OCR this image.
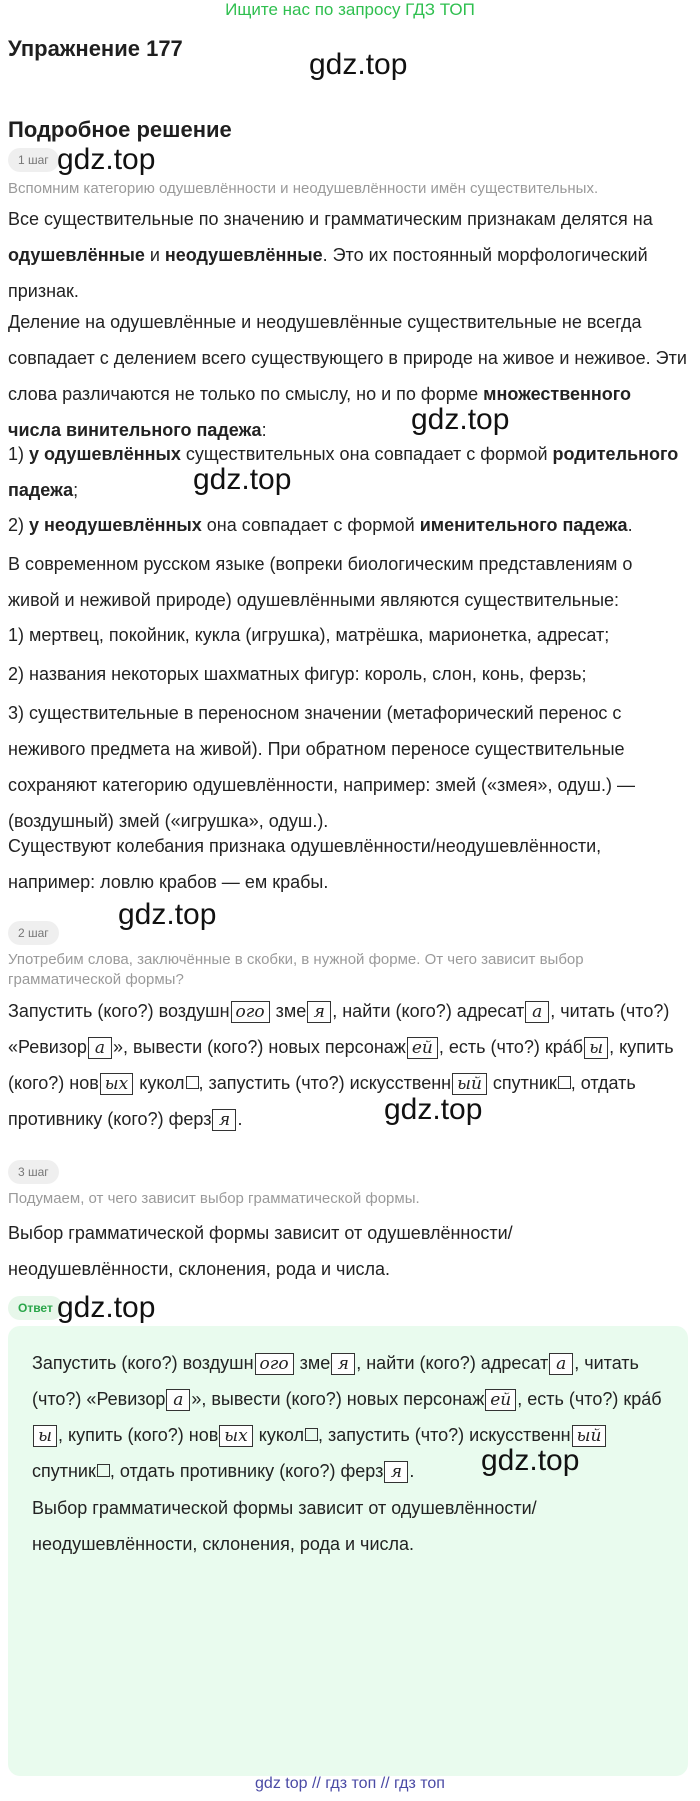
Ищите нас по запросу ГДЗ ТОП
Упражнение 177	gdz.top
Подробное решение
1 шаг gdz.top
Вспомним категорию одушевлённости и неодушевлённости имён существительных.
Все существительные по значению и грамматическим признакам делятся на одушевлённые и неодушевлённые. Это их постоянный морфологический признак.
Деление на одушевлённые и неодушевлённые существительные не всегда совпадает с делением всего существующего в природе на живое и неживое. Эти слова различаются не только по смыслу, но и по форме множественного числа винительного падежа:	gdz.top
1) у одушевлённых существительных она совпадает с формой родительного падежа;	gdz.top
2) у неодушевлённых она совпадает с формой именительного падежа.
В современном русском языке (вопреки биологическим представлениям о живой и неживой природе) одушевлёнными являются существительные:
1) мертвец, покойник, кукла (игрушка), матрёшка, марионетка, адресат;
2) названия некоторых шахматных фигур: король, слон, конь, ферзь;
3) существительные в переносном значении (метафорический перенос с неживого предмета на живой). При обратном переносе существительные сохраняют категорию одушевлённости, например: змей («змея», одуш.) — (воздушный) змей («игрушка», одуш.).
Существуют колебания признака одушевлённости/неодушевлённости, например: ловлю крабов — ем крабы.
2 шаг
gdz.top
Употребим слова, заключённые в скобки, в нужной форме. От чего зависит выбор грамматической формы?
Запустить (кого?) воздушн ого зме я , найти (кого?) адресат а , читать (что?) «Ревизор а », вывести (кого?) новых персонаж ей , есть (что?) кра́б ы , купить (кого?) нов ых кукол , запустить (что?) искусственн ый спутник , отдать противнику (кого?) ферз я .	gdz.top
3 шаг
Подумаем, от чего зависит выбор грамматической формы.
Выбор грамматической формы зависит от одушевлённости/неодушевлённости, склонения, рода и числа.
Ответ gdz.top
Запустить (кого?) воздушн ого зме я , найти (кого?) адресат а , читать (что?) «Ревизор а », вывести (кого?) новых персонаж ей , есть (что?) кра́бы , купить (кого?) нов ых кукол , запустить (что?) искусственн ый спутник , отдать противнику (кого?) ферз я .	gdz.top
Выбор грамматической формы зависит от одушевлённости/неодушевлённости, склонения, рода и числа.
gdz top // гдз топ // гдз топ
